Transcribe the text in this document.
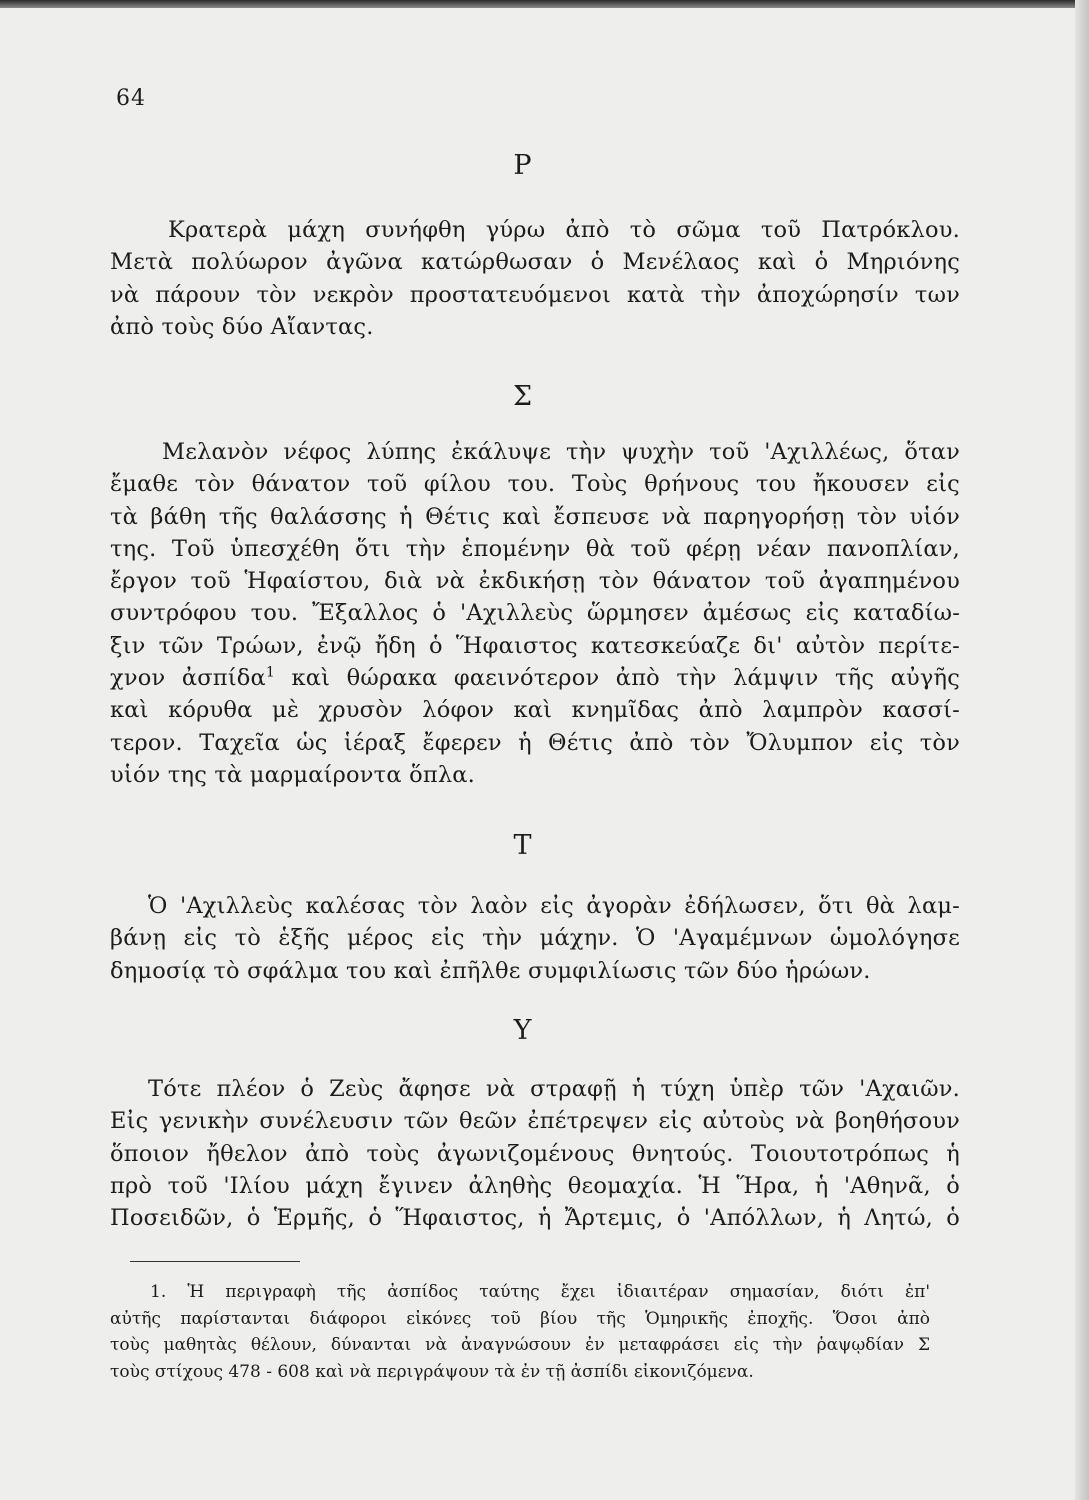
64
Ρ
Κρατερὰ μάχη συνήφθη γύρω ἀπὸ τὸ σῶμα τοῦ Πατρόκλου.
Μετὰ πολύωρον ἀγῶνα κατώρθωσαν ὁ Μενέλαος καὶ ὁ Μηριόνης
νὰ πάρουν τὸν νεκρὸν προστατευόμενοι κατὰ τὴν ἀποχώρησίν των
ἀπὸ τοὺς δύο Αἴαντας.
Σ
Μελανὸν νέφος λύπης ἐκάλυψε τὴν ψυχὴν τοῦ 'Αχιλλέως, ὅταν
ἔμαθε τὸν θάνατον τοῦ φίλου του. Τοὺς θρήνους του ἤκουσεν εἰς
τὰ βάθη τῆς θαλάσσης ἡ Θέτις καὶ ἔσπευσε νὰ παρηγορήσῃ τὸν υἱόν
της. Τοῦ ὑπεσχέθη ὅτι τὴν ἑπομένην θὰ τοῦ φέρῃ νέαν πανοπλίαν,
ἔργον τοῦ Ἡφαίστου, διὰ νὰ ἐκδικήσῃ τὸν θάνατον τοῦ ἀγαπημένου
συντρόφου του. Ἔξαλλος ὁ 'Αχιλλεὺς ὥρμησεν ἀμέσως εἰς καταδίω-
ξιν τῶν Τρώων, ἐνῷ ἤδη ὁ Ἥφαιστος κατεσκεύαζε δι' αὐτὸν περίτε-
χνον ἀσπίδα$^1$ καὶ θώρακα φαεινότερον ἀπὸ τὴν λάμψιν τῆς αὐγῆς
καὶ κόρυθα μὲ χρυσὸν λόφον καὶ κνημῖδας ἀπὸ λαμπρὸν κασσί-
τερον. Ταχεῖα ὡς ἱέραξ ἔφερεν ἡ Θέτις ἀπὸ τὸν Ὄλυμπον εἰς τὸν
υἱόν της τὰ μαρμαίροντα ὅπλα.
Τ
Ὁ 'Αχιλλεὺς καλέσας τὸν λαὸν εἰς ἀγορὰν ἐδήλωσεν, ὅτι θὰ λαμ-
βάνῃ εἰς τὸ ἑξῆς μέρος εἰς τὴν μάχην. Ὁ 'Αγαμέμνων ὡμολόγησε
δημοσίᾳ τὸ σφάλμα του καὶ ἐπῆλθε συμφιλίωσις τῶν δύο ἡρώων.
Υ
Τότε πλέον ὁ Ζεὺς ἄφησε νὰ στραφῇ ἡ τύχη ὑπὲρ τῶν 'Αχαιῶν.
Εἰς γενικὴν συνέλευσιν τῶν θεῶν ἐπέτρεψεν εἰς αὐτοὺς νὰ βοηθήσουν
ὅποιον ἤθελον ἀπὸ τοὺς ἀγωνιζομένους θνητούς. Τοιουτοτρόπως ἡ
πρὸ τοῦ 'Ιλίου μάχη ἔγινεν ἀληθὴς θεομαχία. Ἡ Ἥρα, ἡ 'Αθηνᾶ, ὁ
Ποσειδῶν, ὁ Ἑρμῆς, ὁ Ἥφαιστος, ἡ Ἄρτεμις, ὁ 'Απόλλων, ἡ Λητώ, ὁ
1. Ἡ περιγραφὴ τῆς ἀσπίδος ταύτης ἔχει ἰδιαιτέραν σημασίαν, διότι ἐπ'
αὐτῆς παρίστανται διάφοροι εἰκόνες τοῦ βίου τῆς Ὁμηρικῆς ἐποχῆς. Ὅσοι ἀπὸ
τοὺς μαθητὰς θέλουν, δύνανται νὰ ἀναγνώσουν ἐν μεταφράσει εἰς τὴν ῥαψῳδίαν Σ
τοὺς στίχους 478 - 608 καὶ νὰ περιγράψουν τὰ ἐν τῇ ἀσπίδι εἰκονιζόμενα.
